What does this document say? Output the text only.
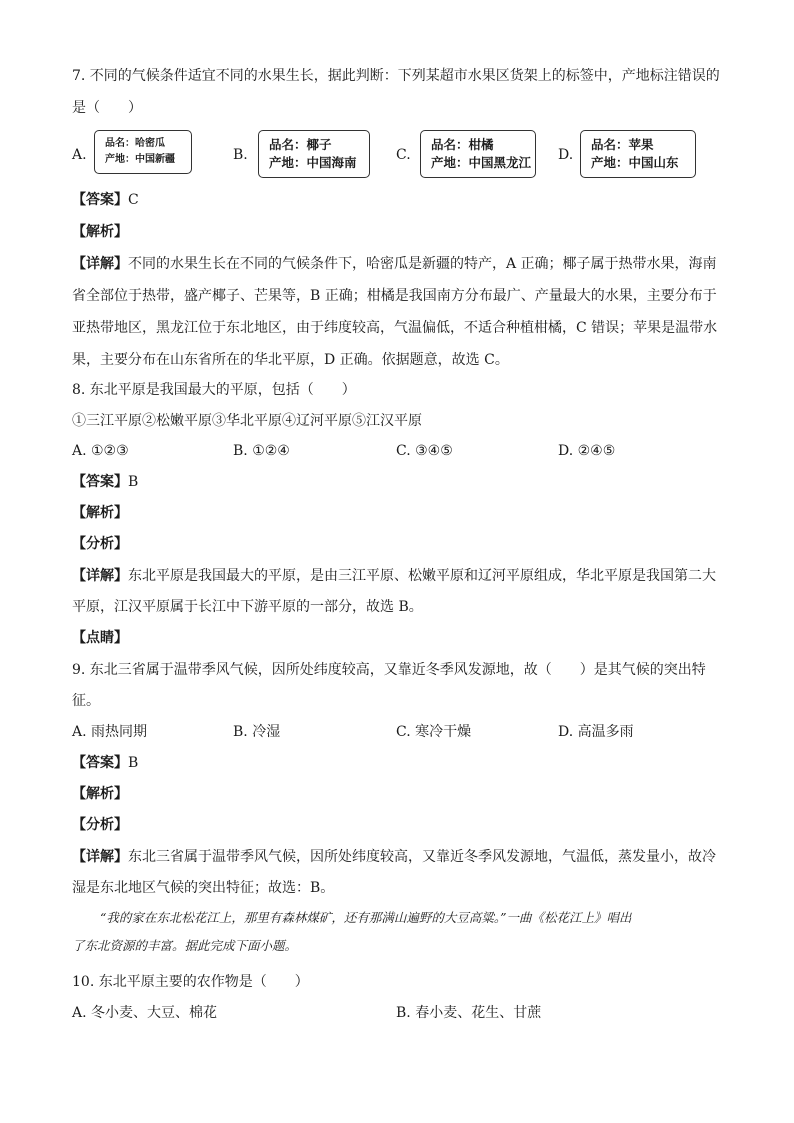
7. 不同的气候条件适宜不同的水果生长，据此判断：下列某超市水果区货架上的标签中，产地标注错误的
是（　　）
A.
品名：哈密瓜
产地：中国新疆	B.
品名：椰子
产地：中国海南	C.
品名：柑橘
产地：中国黑龙江 D.
品名：苹果
产地：中国山东
【答案】C
【解析】
【详解】不同的水果生长在不同的气候条件下，哈密瓜是新疆的特产，A 正确；椰子属于热带水果，海南
省全部位于热带，盛产椰子、芒果等，B 正确；柑橘是我国南方分布最广、产量最大的水果，主要分布于
亚热带地区，黑龙江位于东北地区，由于纬度较高，气温偏低，不适合种植柑橘，C 错误；苹果是温带水
果，主要分布在山东省所在的华北平原，D 正确。依据题意，故选 C。
8. 东北平原是我国最大的平原，包括（　　）
①三江平原②松嫩平原③华北平原④辽河平原⑤江汉平原
A. ①②③	B. ①②④	C. ③④⑤	D. ②④⑤
【答案】B
【解析】
【分析】
【详解】东北平原是我国最大的平原，是由三江平原、松嫩平原和辽河平原组成，华北平原是我国第二大
平原，江汉平原属于长江中下游平原的一部分，故选 B。
【点睛】
9. 东北三省属于温带季风气候，因所处纬度较高，又靠近冬季风发源地，故（　　）是其气候的突出特
征。
A. 雨热同期	B. 冷湿	C. 寒冷干燥	D. 高温多雨
【答案】B
【解析】
【分析】
【详解】东北三省属于温带季风气候，因所处纬度较高，又靠近冬季风发源地，气温低，蒸发量小，故冷
湿是东北地区气候的突出特征；故选：B。
“我的家在东北松花江上，那里有森林煤矿，还有那满山遍野的大豆高粱。”一曲《松花江上》唱出
了东北资源的丰富。据此完成下面小题。
10. 东北平原主要的农作物是（　　）
A. 冬小麦、大豆、棉花	B. 春小麦、花生、甘蔗
